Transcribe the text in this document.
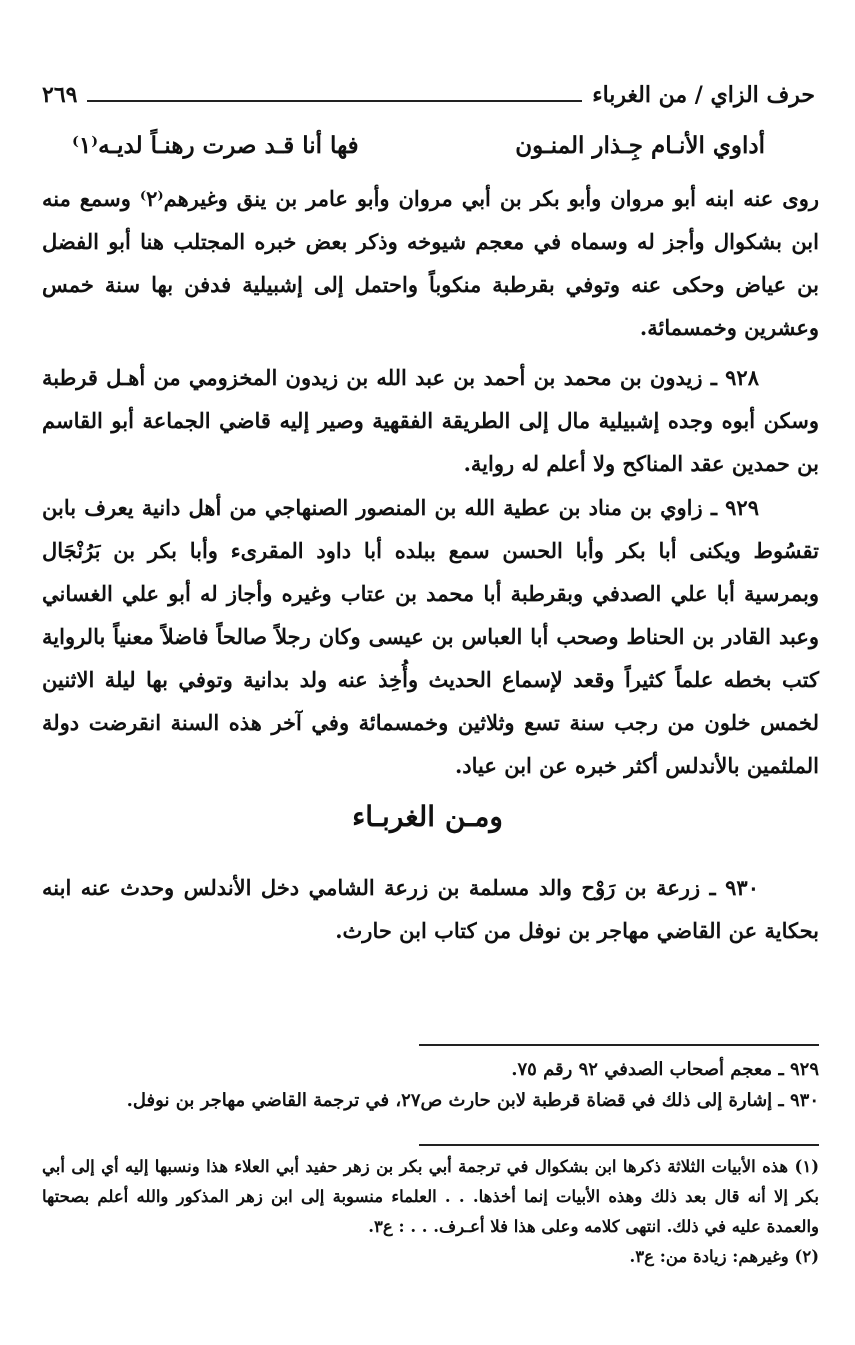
حرف الزاي / من الغرباء
٢٦٩
أداوي الأنـام جِـذار المنـون
فها أنا قـد صرت رهنـاً لديـه⁽١⁾
روى عنه ابنه أبو مروان وأبو بكر بن أبي مروان وأبو عامر بن ينق وغيرهم⁽٢⁾ وسمع منه ابن بشكوال وأجز له وسماه في معجم شيوخه وذكر بعض خبره المجتلب هنا أبو الفضل بن عياض وحكى عنه وتوفي بقرطبة منكوباً واحتمل إلى إشبيلية فدفن بها سنة خمس وعشرين وخمسمائة.
٩٢٨ ـ زيدون بن محمد بن أحمد بن عبد الله بن زيدون المخزومي من أهـل قرطبة وسكن أبوه وجده إشبيلية مال إلى الطريقة الفقهية وصير إليه قاضي الجماعة أبو القاسم بن حمدين عقد المناكح ولا أعلم له رواية.
٩٢٩ ـ زاوي بن مناد بن عطية الله بن المنصور الصنهاجي من أهل دانية يعرف بابن تقسُوط ويكنى أبا بكر وأبا الحسن سمع ببلده أبا داود المقرىء وأبا بكر بن بَرُنْجَال وبمرسية أبا علي الصدفي وبقرطبة أبا محمد بن عتاب وغيره وأجاز له أبو علي الغساني وعبد القادر بن الحناط وصحب أبا العباس بن عيسى وكان رجلاً صالحاً فاضلاً معنياً بالرواية كتب بخطه علماً كثيراً وقعد لإسماع الحديث وأُخِذ عنه ولد بدانية وتوفي بها ليلة الاثنين لخمس خلون من رجب سنة تسع وثلاثين وخمسمائة وفي آخر هذه السنة انقرضت دولة الملثمين بالأندلس أكثر خبره عن ابن عياد.
ومـن الغربـاء
٩٣٠ ـ زرعة بن رَوْح والد مسلمة بن زرعة الشامي دخل الأندلس وحدث عنه ابنه بحكاية عن القاضي مهاجر بن نوفل من كتاب ابن حارث.
٩٢٩ ـ معجم أصحاب الصدفي ٩٢ رقم ٧٥.
٩٣٠ ـ إشارة إلى ذلك في قضاة قرطبة لابن حارث ص٢٧، في ترجمة القاضي مهاجر بن نوفل.
(١) هذه الأبيات الثلاثة ذكرها ابن بشكوال في ترجمة أبي بكر بن زهر حفيد أبي العلاء هذا ونسبها إليه أي إلى أبي بكر إلا أنه قال بعد ذلك وهذه الأبيات إنما أخذها. . . العلماء منسوبة إلى ابن زهر المذكور والله أعلم بصحتها والعمدة عليه في ذلك. انتهى كلامه وعلى هذا فلا أعـرف. . . : ع٣.
(٢) وغيرهم: زيادة من: ع٣.
